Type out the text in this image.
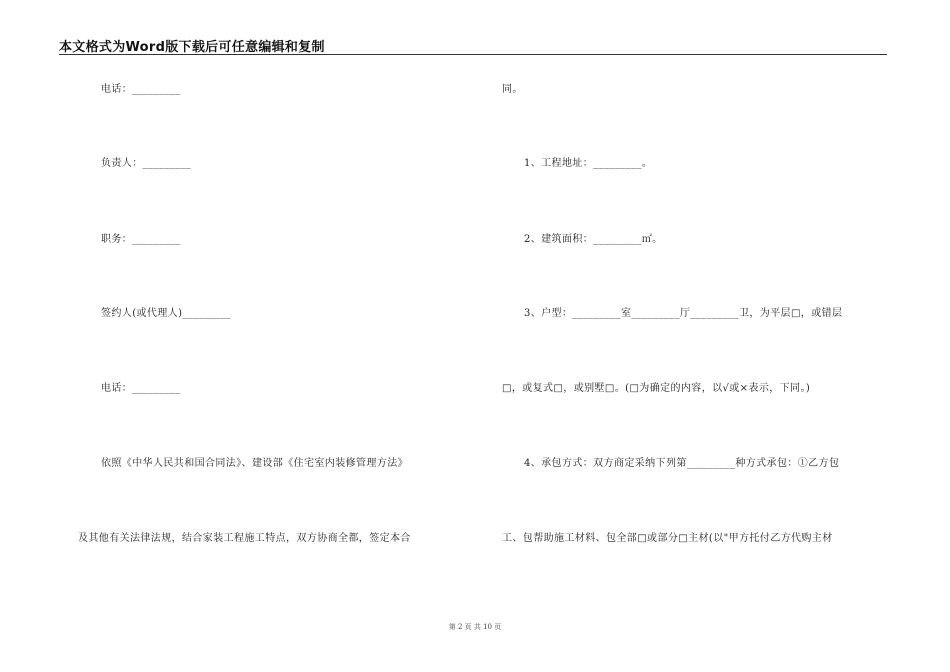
本文格式为Word版下载后可任意编辑和复制
电话：_________
负责人：_________
职务：_________
签约人(或代理人)_________
电话：_________
依照《中华人民共和国合同法》、建设部《住宅室内装修管理方法》
及其他有关法律法规，结合家装工程施工特点，双方协商全都，签定本合
同。
1、工程地址：_________。
2、建筑面积：_________㎡。
3、户型：_________室_________厅_________卫，为平层□，或错层
□，或复式□，或别墅□。(□为确定的内容，以√或×表示，下同。)
4、承包方式：双方商定采纳下列第_________种方式承包：①乙方包
工、包帮助施工材料、包全部□或部分□主材(以"甲方托付乙方代购主材
第 2 页 共 10 页
